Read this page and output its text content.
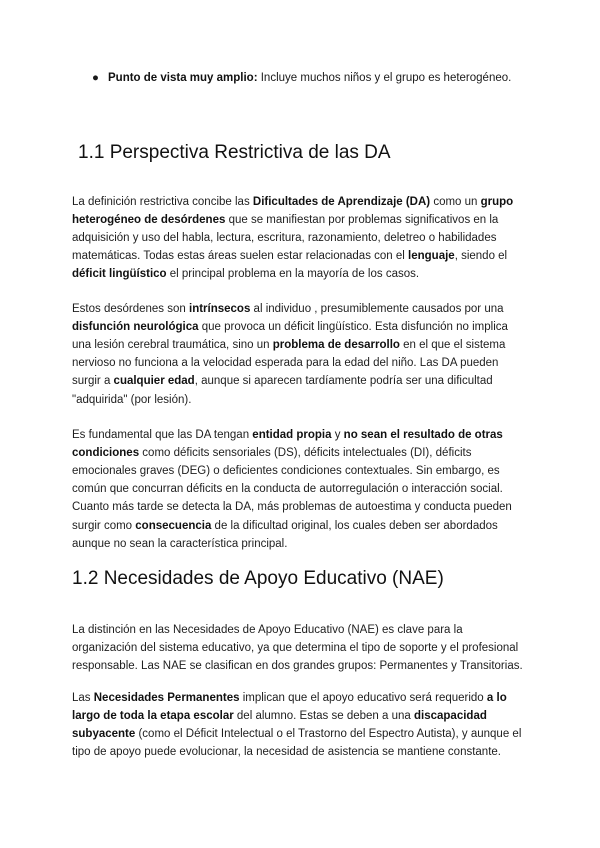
● Punto de vista muy amplio: Incluye muchos niños y el grupo es heterogéneo.
1.1 Perspectiva Restrictiva de las DA

La definición restrictiva concibe las Dificultades de Aprendizaje (DA) como un grupo heterogéneo de desórdenes que se manifiestan por problemas significativos en la adquisición y uso del habla, lectura, escritura, razonamiento, deletreo o habilidades matemáticas. Todas estas áreas suelen estar relacionadas con el lenguaje, siendo el déficit lingüístico el principal problema en la mayoría de los casos.

Estos desórdenes son intrínsecos al individuo , presumiblemente causados por una disfunción neurológica que provoca un déficit lingüístico. Esta disfunción no implica una lesión cerebral traumática, sino un problema de desarrollo en el que el sistema nervioso no funciona a la velocidad esperada para la edad del niño. Las DA pueden surgir a cualquier edad, aunque si aparecen tardíamente podría ser una dificultad "adquirida" (por lesión).

Es fundamental que las DA tengan entidad propia y no sean el resultado de otras condiciones como déficits sensoriales (DS), déficits intelectuales (DI), déficits emocionales graves (DEG) o deficientes condiciones contextuales. Sin embargo, es común que concurran déficits en la conducta de autorregulación o interacción social. Cuanto más tarde se detecta la DA, más problemas de autoestima y conducta pueden surgir como consecuencia de la dificultad original, los cuales deben ser abordados aunque no sean la característica principal.

1.2 Necesidades de Apoyo Educativo (NAE)

La distinción en las Necesidades de Apoyo Educativo (NAE) es clave para la organización del sistema educativo, ya que determina el tipo de soporte y el profesional responsable. Las NAE se clasifican en dos grandes grupos: Permanentes y Transitorias.

Las Necesidades Permanentes implican que el apoyo educativo será requerido a lo largo de toda la etapa escolar del alumno. Estas se deben a una discapacidad subyacente (como el Déficit Intelectual o el Trastorno del Espectro Autista), y aunque el tipo de apoyo puede evolucionar, la necesidad de asistencia se mantiene constante.
